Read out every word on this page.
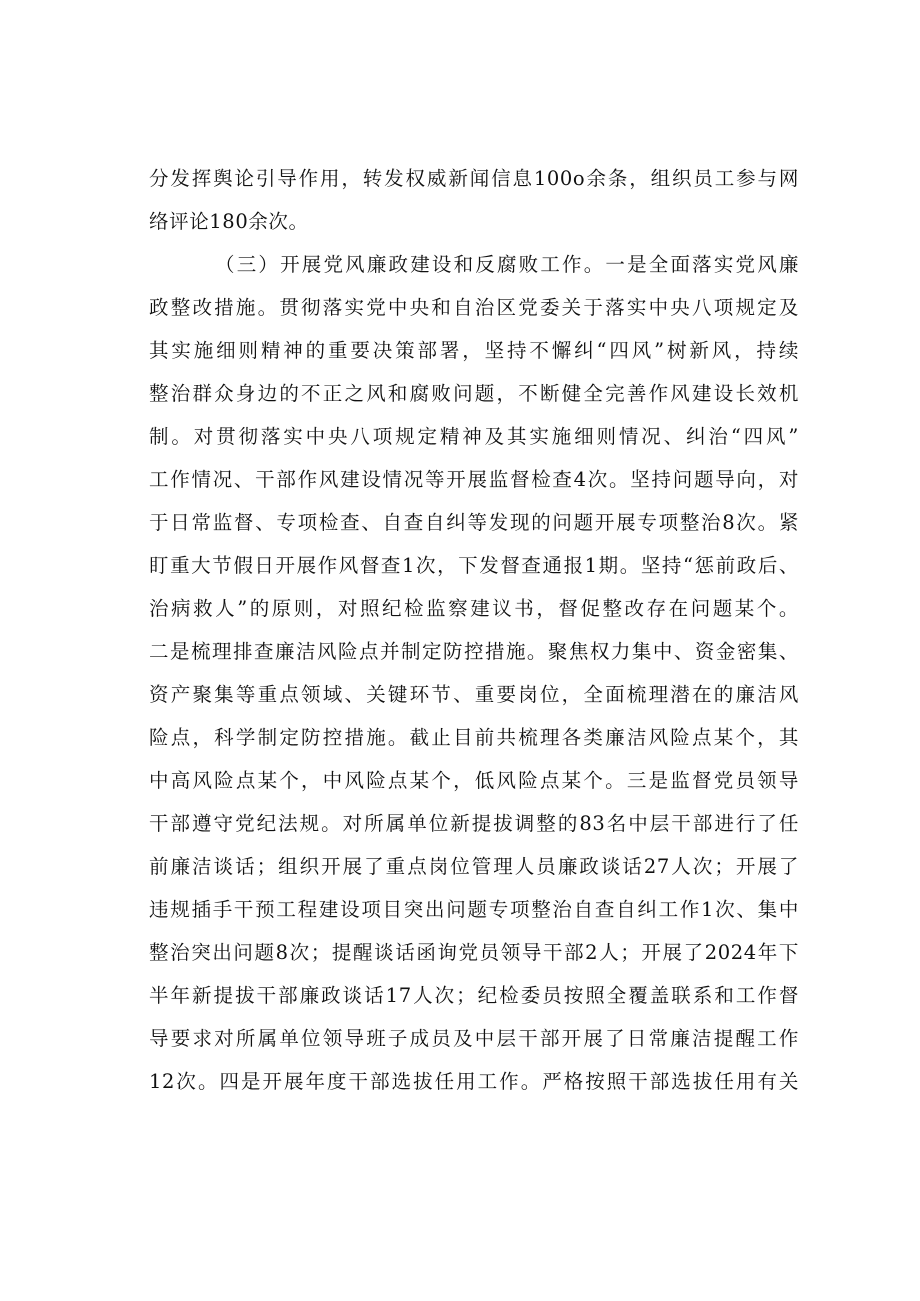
分发挥舆论引导作用，转发权威新闻信息100o余条，组织员工参与网
络评论180余次。
（三）开展党风廉政建设和反腐败工作。一是全面落实党风廉
政整改措施。贯彻落实党中央和自治区党委关于落实中央八项规定及
其实施细则精神的重要决策部署，坚持不懈纠“四风”树新风，持续
整治群众身边的不正之风和腐败问题，不断健全完善作风建设长效机
制。对贯彻落实中央八项规定精神及其实施细则情况、纠治“四风”
工作情况、干部作风建设情况等开展监督检查4次。坚持问题导向，对
于日常监督、专项检查、自查自纠等发现的问题开展专项整治8次。紧
盯重大节假日开展作风督查1次，下发督查通报1期。坚持“惩前政后、
治病救人”的原则，对照纪检监察建议书，督促整改存在问题某个。
二是梳理排查廉洁风险点并制定防控措施。聚焦权力集中、资金密集、
资产聚集等重点领域、关键环节、重要岗位，全面梳理潜在的廉洁风
险点，科学制定防控措施。截止目前共梳理各类廉洁风险点某个，其
中高风险点某个，中风险点某个，低风险点某个。三是监督党员领导
干部遵守党纪法规。对所属单位新提拔调整的83名中层干部进行了任
前廉洁谈话；组织开展了重点岗位管理人员廉政谈话27人次；开展了
违规插手干预工程建设项目突出问题专项整治自查自纠工作1次、集中
整治突出问题8次；提醒谈话函询党员领导干部2人；开展了2024年下
半年新提拔干部廉政谈话17人次；纪检委员按照全覆盖联系和工作督
导要求对所属单位领导班子成员及中层干部开展了日常廉洁提醒工作
12次。四是开展年度干部选拔任用工作。严格按照干部选拔任用有关
